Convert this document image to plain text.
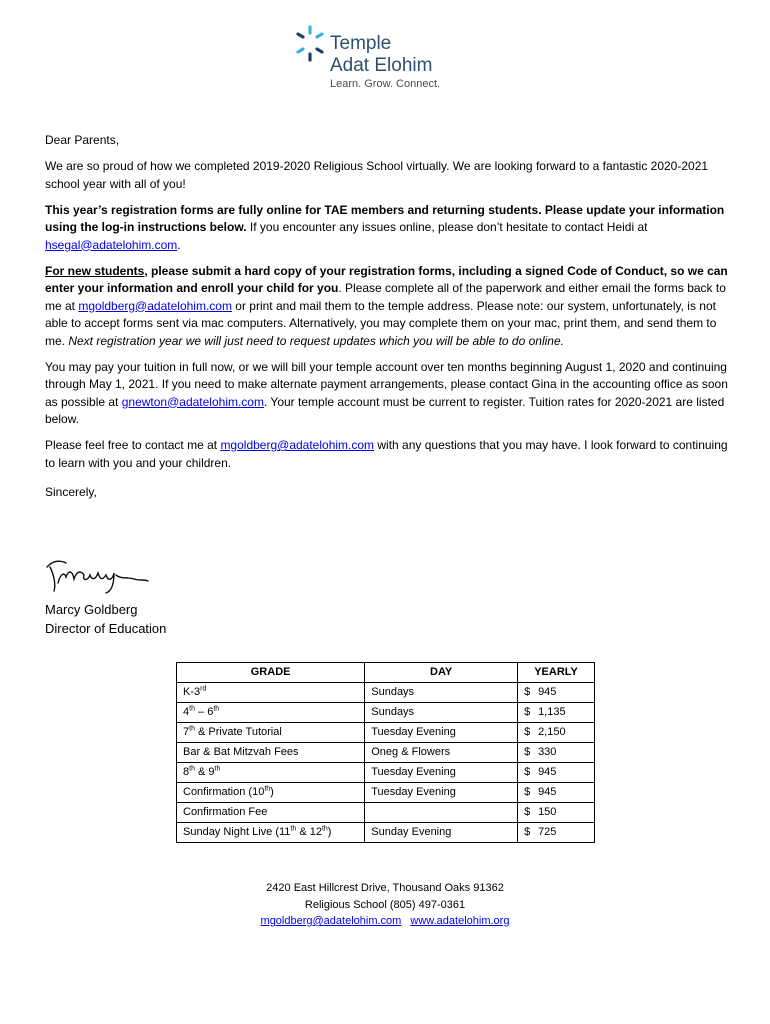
Temple
Adat Elohim
Learn. Grow. Connect.

Dear Parents,

We are so proud of how we completed 2019-2020 Religious School virtually. We are looking forward to a fantastic 2020-2021 school year with all of you!

This year’s registration forms are fully online for TAE members and returning students. Please update your information using the log-in instructions below. If you encounter any issues online, please don’t hesitate to contact Heidi at hsegal@adatelohim.com.

For new students, please submit a hard copy of your registration forms, including a signed Code of Conduct, so we can enter your information and enroll your child for you. Please complete all of the paperwork and either email the forms back to me at mgoldberg@adatelohim.com or print and mail them to the temple address. Please note: our system, unfortunately, is not able to accept forms sent via mac computers. Alternatively, you may complete them on your mac, print them, and send them to me. Next registration year we will just need to request updates which you will be able to do online.

You may pay your tuition in full now, or we will bill your temple account over ten months beginning August 1, 2020 and continuing through May 1, 2021. If you need to make alternate payment arrangements, please contact Gina in the accounting office as soon as possible at gnewton@adatelohim.com. Your temple account must be current to register. Tuition rates for 2020-2021 are listed below.

Please feel free to contact me at mgoldberg@adatelohim.com with any questions that you may have. I look forward to continuing to learn with you and your children.

Sincerely,

Marcy Goldberg
Director of Education
GRADE	DAY	YEARLY
K-3rd	Sundays	$ 945
4th – 6th	Sundays	$ 1,135
7th & Private Tutorial	Tuesday Evening	$ 2,150
Bar & Bat Mitzvah Fees	Oneg & Flowers	$ 330
8th & 9th	Tuesday Evening	$ 945
Confirmation (10th)	Tuesday Evening	$ 945
Confirmation Fee		$ 150
Sunday Night Live (11th & 12th)	Sunday Evening	$ 725
2420 East Hillcrest Drive, Thousand Oaks 91362
Religious School (805) 497-0361
mgoldberg@adatelohim.com www.adatelohim.org
